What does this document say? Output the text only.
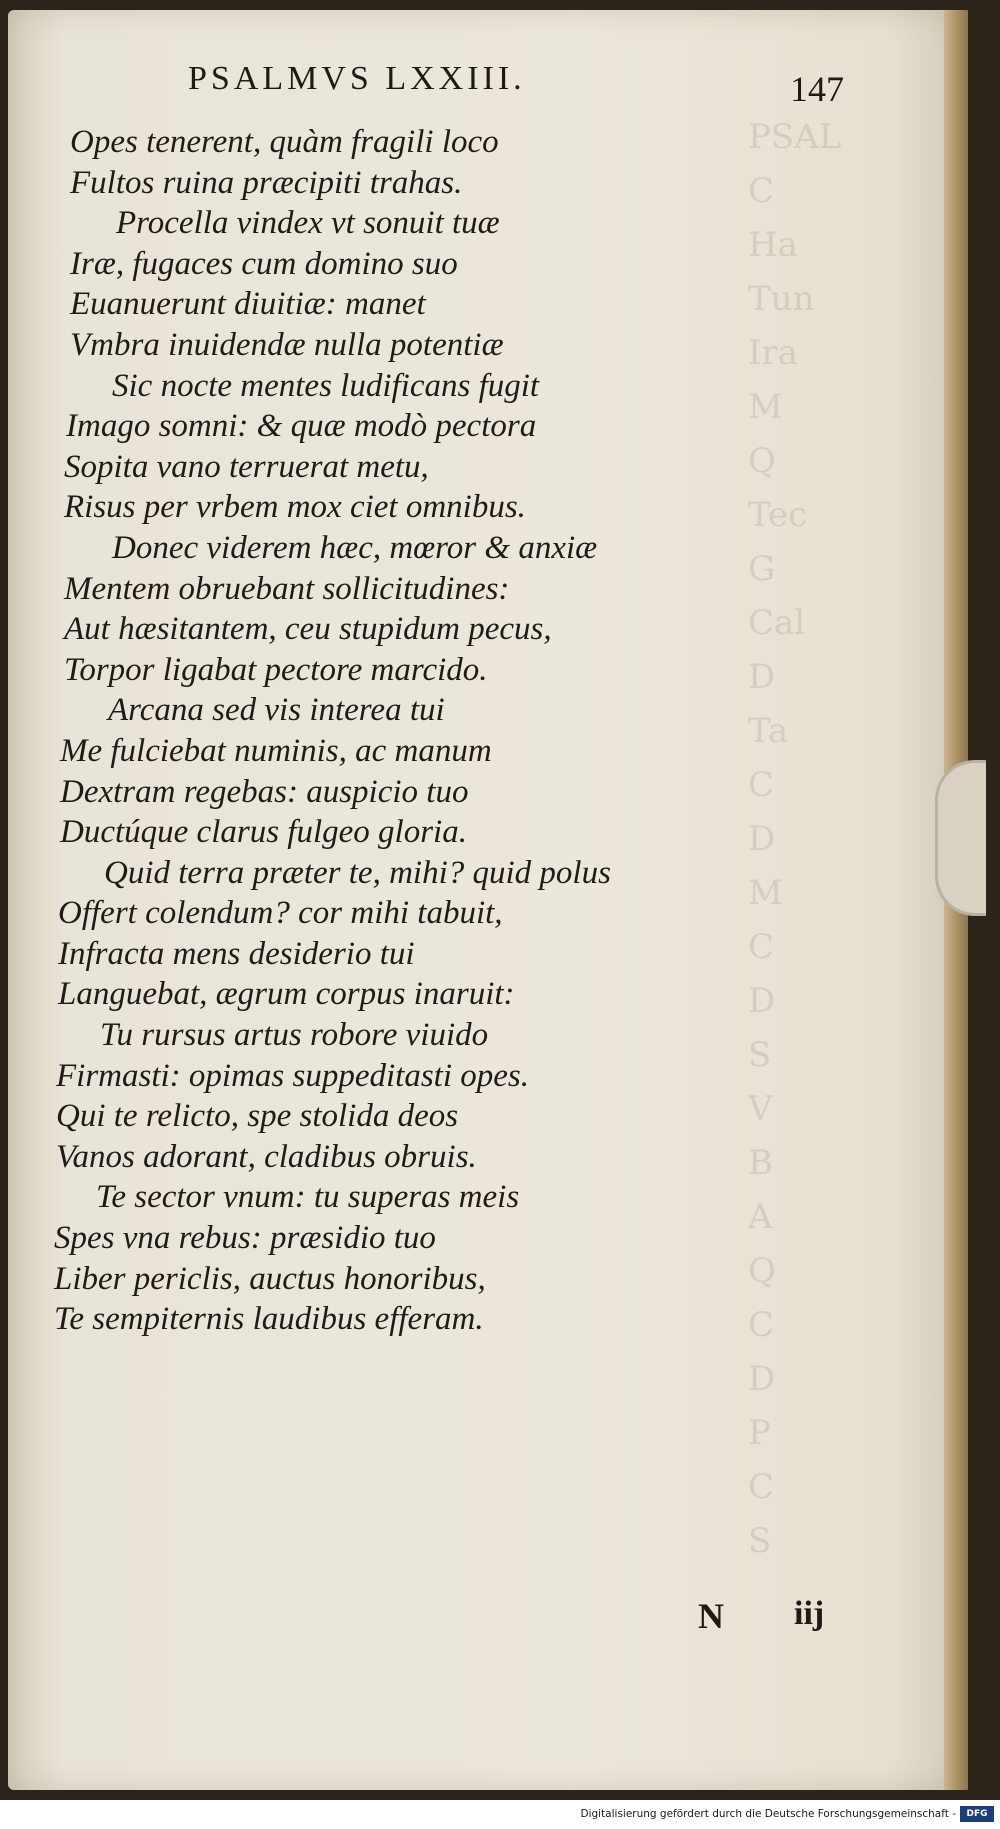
PSAL
C
Ha
Tun
Ira
M
Q
Tec
G
Cal
D
Ta
C
D
M
C
D
S
V
B
A
Q
C
D
P
C
S
PSALMVS LXXIII.	147
Opes tenerent, quàm fragili loco
Fultos ruina præcipiti trahas.
Procella vindex vt sonuit tuæ
Iræ, fugaces cum domino suo
Euanuerunt diuitiæ: manet
Vmbra inuidendæ nulla potentiæ
Sic nocte mentes ludificans fugit
Imago somni: & quæ modò pectora
Sopita vano terruerat metu,
Risus per vrbem mox ciet omnibus.
Donec viderem hæc, mœror & anxiæ
Mentem obruebant sollicitudines:
Aut hæsitantem, ceu stupidum pecus,
Torpor ligabat pectore marcido.
Arcana sed vis interea tui
Me fulciebat numinis, ac manum
Dextram regebas: auspicio tuo
Ductúque clarus fulgeo gloria.
Quid terra præter te, mihi? quid polus
Offert colendum? cor mihi tabuit,
Infracta mens desiderio tui
Languebat, ægrum corpus inaruit:
Tu rursus artus robore viuido
Firmasti: opimas suppeditasti opes.
Qui te relicto, spe stolida deos
Vanos adorant, cladibus obruis.
Te sector vnum: tu superas meis
Spes vna rebus: præsidio tuo
Liber periclis, auctus honoribus,
Te sempiternis laudibus efferam.
N iij
Digitalisierung gefördert durch die Deutsche Forschungsgemeinschaft -	DFG
